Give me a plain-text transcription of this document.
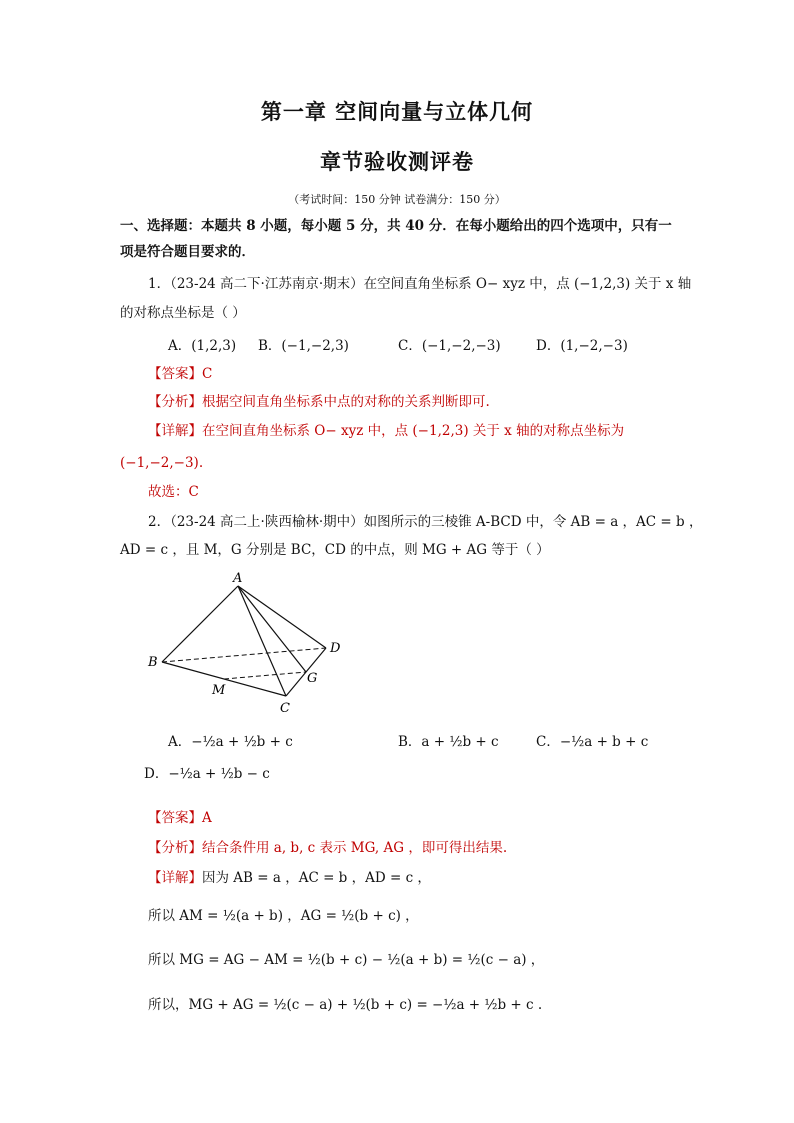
第一章 空间向量与立体几何
章节验收测评卷
（考试时间：150 分钟 试卷满分：150 分）
一、选择题：本题共 8 小题，每小题 5 分，共 40 分．在每小题给出的四个选项中，只有一
项是符合题目要求的．
1．（23-24 高二下·江苏南京·期末）在空间直角坐标系 O− xyz 中，点 (−1,2,3) 关于 x 轴
的对称点坐标是（ ）
A．(1,2,3) B．(−1,−2,3)	C．(−1,−2,−3)	D．(1,−2,−3)
【答案】C
【分析】根据空间直角坐标系中点的对称的关系判断即可.
【详解】在空间直角坐标系 O− xyz 中，点 (−1,2,3) 关于 x 轴的对称点坐标为
(−1,−2,−3).
故选：C
2．（23-24 高二上·陕西榆林·期中）如图所示的三棱锥 A-BCD 中，令 AB = a ，AC = b ，
AD = c ，且 M，G 分别是 BC，CD 的中点，则 MG + AG 等于（ ）
A
B
C
D
M
G
A．−½a + ½b + c	B．a + ½b + c	C．−½a + b + c
D．−½a + ½b − c
【答案】A
【分析】结合条件用 a, b, c 表示 MG, AG ，即可得出结果.
【详解】因为 AB = a ，AC = b ，AD = c ，
所以 AM = ½(a + b) ，AG = ½(b + c) ，
所以 MG = AG − AM = ½(b + c) − ½(a + b) = ½(c − a) ，
所以，MG + AG = ½(c − a) + ½(b + c) = −½a + ½b + c .
